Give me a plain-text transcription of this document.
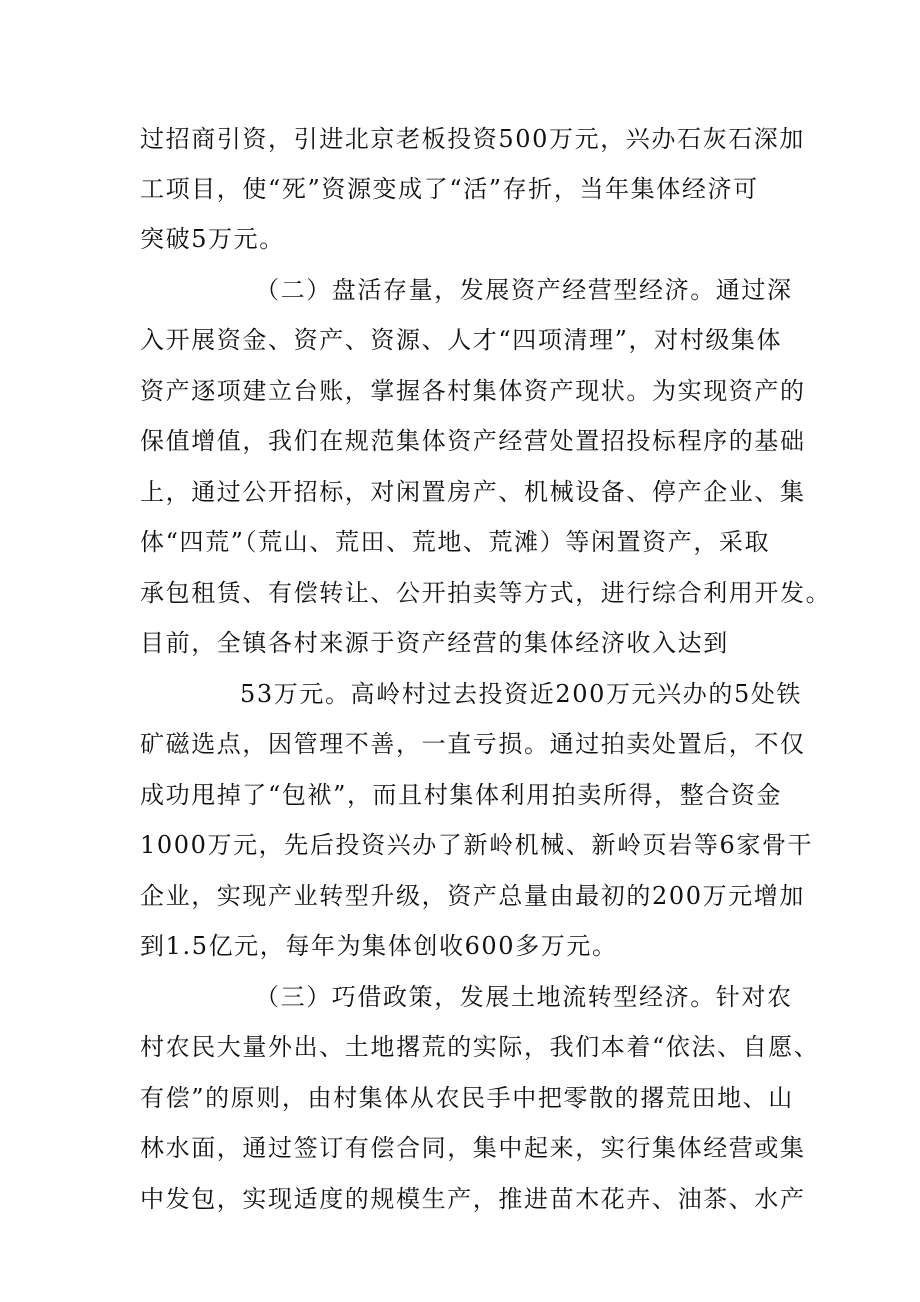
过招商引资，引进北京老板投资500万元，兴办石灰石深加
工项目，使“死”资源变成了“活”存折，当年集体经济可
突破5万元。
（二）盘活存量，发展资产经营型经济。通过深
入开展资金、资产、资源、人才“四项清理”，对村级集体
资产逐项建立台账，掌握各村集体资产现状。为实现资产的
保值增值，我们在规范集体资产经营处置招投标程序的基础
上，通过公开招标，对闲置房产、机械设备、停产企业、集
体“四荒”（荒山、荒田、荒地、荒滩）等闲置资产，采取
承包租赁、有偿转让、公开拍卖等方式，进行综合利用开发。
目前，全镇各村来源于资产经营的集体经济收入达到
53万元。高岭村过去投资近200万元兴办的5处铁
矿磁选点，因管理不善，一直亏损。通过拍卖处置后，不仅
成功甩掉了“包袱”，而且村集体利用拍卖所得，整合资金
1000万元，先后投资兴办了新岭机械、新岭页岩等6家骨干
企业，实现产业转型升级，资产总量由最初的200万元增加
到1.5亿元，每年为集体创收600多万元。
（三）巧借政策，发展土地流转型经济。针对农
村农民大量外出、土地撂荒的实际，我们本着“依法、自愿、
有偿”的原则，由村集体从农民手中把零散的撂荒田地、山
林水面，通过签订有偿合同，集中起来，实行集体经营或集
中发包，实现适度的规模生产，推进苗木花卉、油茶、水产
